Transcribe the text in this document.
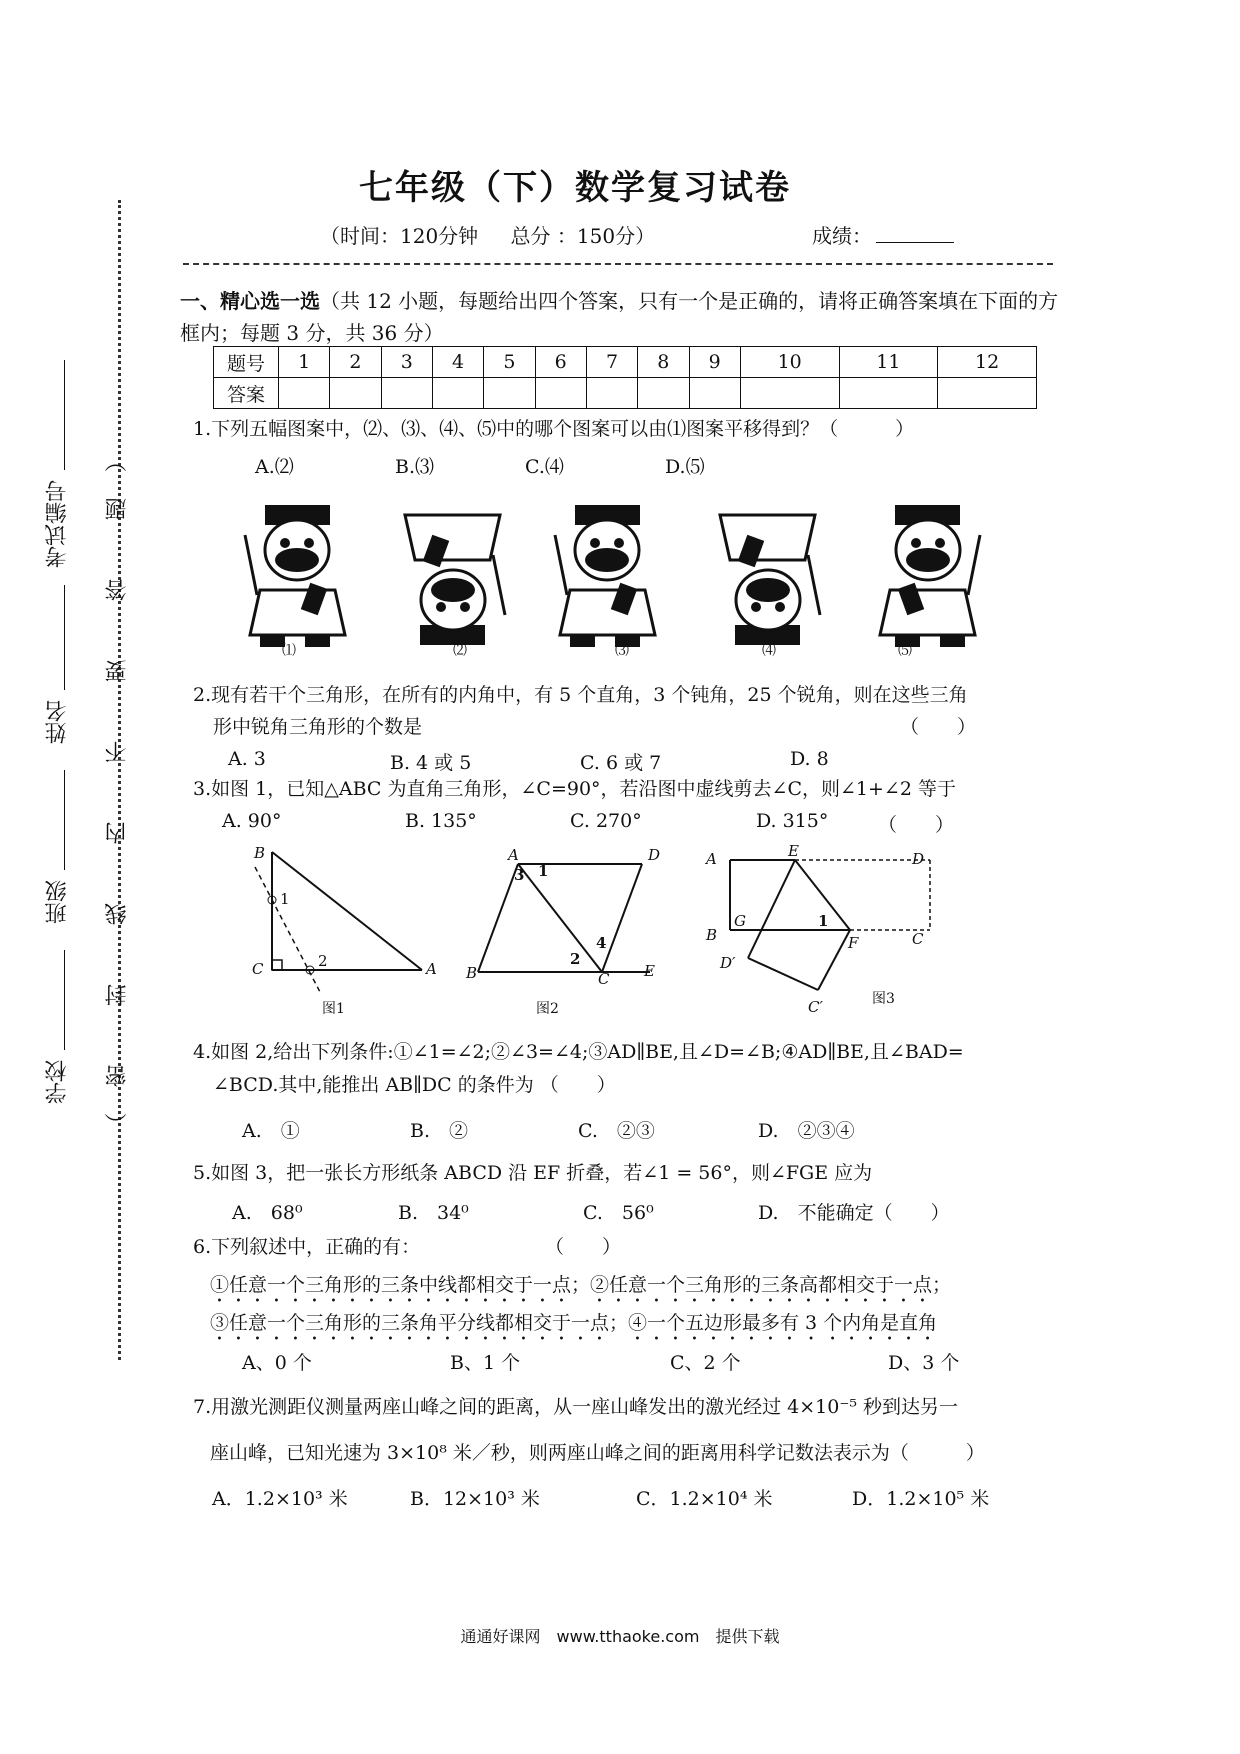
考试编号
姓名
班级
学校 （密 封 线 内 不 要 答 题）
七年级（下）数学复习试卷
（时间：120分钟 总分 ：150分）	成绩：
一、精心选一选（共 12 小题，每题给出四个答案，只有一个是正确的，请将正确答案填在下面的方框内；每题 3 分，共 36 分）
题号	1	2	3	4	5	6	7	8	9	10	11	12
答案												
1.下列五幅图案中，⑵、⑶、⑷、⑸中的哪个图案可以由⑴图案平移得到？（　　　）
A.⑵	B.⑶	C.⑷	D.⑸
⑴	⑵	⑶	⑷	⑸
2.现有若干个三角形，在所有的内角中，有 5 个直角，3 个钝角，25 个锐角，则在这些三角
形中锐角三角形的个数是	（　　）
A. 3	B. 4 或 5	C. 6 或 7	D. 8
3.如图 1，已知△ABC 为直角三角形，∠C=90°，若沿图中虚线剪去∠C，则∠1+∠2 等于
A. 90°	B. 135°	C. 270°	D. 315°	（　　）
B
1
C	2	A
图1
A	D
3 1
4
2
B	C E
图2
A	E	D
B
G	1
F	C
D′
C′	图3
4.如图 2,给出下列条件:①∠1=∠2;②∠3=∠4;③AD∥BE,且∠D=∠B;④AD∥BE,且∠BAD=
∠BCD.其中,能推出 AB∥DC 的条件为 （　　）
A.　①	B.　②	C.　②③	D.　②③④
5.如图 3，把一张长方形纸条 ABCD 沿 EF 折叠，若∠1 = 56°，则∠FGE 应为
A.　68⁰	B.　34⁰	C.　56⁰	D.　不能确定（　　）
6.下列叙述中，正确的有：	（　　）
①任意一个三角形的三条中线都相交于一点；②任意一个三角形的三条高都相交于一点；
③任意一个三角形的三条角平分线都相交于一点；④一个五边形最多有 3 个内角是直角
A、0 个	B、1 个	C、2 个	D、3 个
7.用激光测距仪测量两座山峰之间的距离，从一座山峰发出的激光经过 4×10⁻⁵ 秒到达另一
座山峰，已知光速为 3×10⁸ 米／秒，则两座山峰之间的距离用科学记数法表示为（　　　）
A．1.2×10³ 米	B．12×10³ 米	C．1.2×10⁴ 米	D．1.2×10⁵ 米
通通好课网　www.tthaoke.com　提供下载
